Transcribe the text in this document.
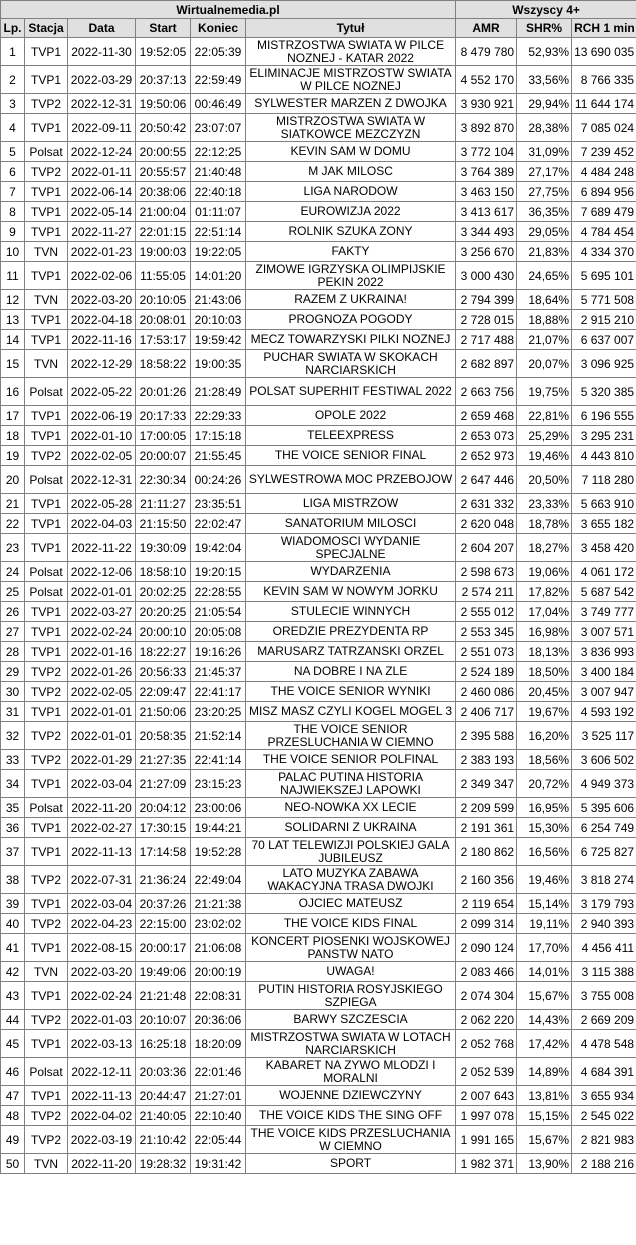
Wirtualnemedia.pl						Wszyscy 4+		
Lp.	Stacja	Data	Start	Koniec	Tytuł	AMR	SHR%	RCH 1 min
1	TVP1	2022-11-30	19:52:05	22:05:39	MISTRZOSTWA SWIATA W PILCE NOZNEJ - KATAR 2022	8 479 780	52,93%	13 690 035
2	TVP1	2022-03-29	20:37:13	22:59:49	ELIMINACJE MISTRZOSTW SWIATA W PILCE NOZNEJ	4 552 170	33,56%	8 766 335
3	TVP2	2022-12-31	19:50:06	00:46:49	SYLWESTER MARZEN Z DWOJKA	3 930 921	29,94%	11 644 174
4	TVP1	2022-09-11	20:50:42	23:07:07	MISTRZOSTWA SWIATA W SIATKOWCE MEZCZYZN	3 892 870	28,38%	7 085 024
5	Polsat	2022-12-24	20:00:55	22:12:25	KEVIN SAM W DOMU	3 772 104	31,09%	7 239 452
6	TVP2	2022-01-11	20:55:57	21:40:48	M JAK MILOSC	3 764 389	27,17%	4 484 248
7	TVP1	2022-06-14	20:38:06	22:40:18	LIGA NARODOW	3 463 150	27,75%	6 894 956
8	TVP1	2022-05-14	21:00:04	01:11:07	EUROWIZJA 2022	3 413 617	36,35%	7 689 479
9	TVP1	2022-11-27	22:01:15	22:51:14	ROLNIK SZUKA ZONY	3 344 493	29,05%	4 784 454
10	TVN	2022-01-23	19:00:03	19:22:05	FAKTY	3 256 670	21,83%	4 334 370
11	TVP1	2022-02-06	11:55:05	14:01:20	ZIMOWE IGRZYSKA OLIMPIJSKIE PEKIN 2022	3 000 430	24,65%	5 695 101
12	TVN	2022-03-20	20:10:05	21:43:06	RAZEM Z UKRAINA!	2 794 399	18,64%	5 771 508
13	TVP1	2022-04-18	20:08:01	20:10:03	PROGNOZA POGODY	2 728 015	18,88%	2 915 210
14	TVP1	2022-11-16	17:53:17	19:59:42	MECZ TOWARZYSKI PILKI NOZNEJ	2 717 488	21,07%	6 637 007
15	TVN	2022-12-29	18:58:22	19:00:35	PUCHAR SWIATA W SKOKACH NARCIARSKICH	2 682 897	20,07%	3 096 925
16	Polsat	2022-05-22	20:01:26	21:28:49	POLSAT SUPERHIT FESTIWAL 2022	2 663 756	19,75%	5 320 385
17	TVP1	2022-06-19	20:17:33	22:29:33	OPOLE 2022	2 659 468	22,81%	6 196 555
18	TVP1	2022-01-10	17:00:05	17:15:18	TELEEXPRESS	2 653 073	25,29%	3 295 231
19	TVP2	2022-02-05	20:00:07	21:55:45	THE VOICE SENIOR FINAL	2 652 973	19,46%	4 443 810
20	Polsat	2022-12-31	22:30:34	00:24:26	SYLWESTROWA MOC PRZEBOJOW	2 647 446	20,50%	7 118 280
21	TVP1	2022-05-28	21:11:27	23:35:51	LIGA MISTRZOW	2 631 332	23,33%	5 663 910
22	TVP1	2022-04-03	21:15:50	22:02:47	SANATORIUM MILOSCI	2 620 048	18,78%	3 655 182
23	TVP1	2022-11-22	19:30:09	19:42:04	WIADOMOSCI WYDANIE SPECJALNE	2 604 207	18,27%	3 458 420
24	Polsat	2022-12-06	18:58:10	19:20:15	WYDARZENIA	2 598 673	19,06%	4 061 172
25	Polsat	2022-01-01	20:02:25	22:28:55	KEVIN SAM W NOWYM JORKU	2 574 211	17,82%	5 687 542
26	TVP1	2022-03-27	20:20:25	21:05:54	STULECIE WINNYCH	2 555 012	17,04%	3 749 777
27	TVP1	2022-02-24	20:00:10	20:05:08	OREDZIE PREZYDENTA RP	2 553 345	16,98%	3 007 571
28	TVP1	2022-01-16	18:22:27	19:16:26	MARUSARZ TATRZANSKI ORZEL	2 551 073	18,13%	3 836 993
29	TVP2	2022-01-26	20:56:33	21:45:37	NA DOBRE I NA ZLE	2 524 189	18,50%	3 400 184
30	TVP2	2022-02-05	22:09:47	22:41:17	THE VOICE SENIOR WYNIKI	2 460 086	20,45%	3 007 947
31	TVP1	2022-01-01	21:50:06	23:20:25	MISZ MASZ CZYLI KOGEL MOGEL 3	2 406 717	19,67%	4 593 192
32	TVP2	2022-01-01	20:58:35	21:52:14	THE VOICE SENIOR PRZESLUCHANIA W CIEMNO	2 395 588	16,20%	3 525 117
33	TVP2	2022-01-29	21:27:35	22:41:14	THE VOICE SENIOR POLFINAL	2 383 193	18,56%	3 606 502
34	TVP1	2022-03-04	21:27:09	23:15:23	PALAC PUTINA HISTORIA NAJWIEKSZEJ LAPOWKI	2 349 347	20,72%	4 949 373
35	Polsat	2022-11-20	20:04:12	23:00:06	NEO-NOWKA XX LECIE	2 209 599	16,95%	5 395 606
36	TVP1	2022-02-27	17:30:15	19:44:21	SOLIDARNI Z UKRAINA	2 191 361	15,30%	6 254 749
37	TVP1	2022-11-13	17:14:58	19:52:28	70 LAT TELEWIZJI POLSKIEJ GALA JUBILEUSZ	2 180 862	16,56%	6 725 827
38	TVP2	2022-07-31	21:36:24	22:49:04	LATO MUZYKA ZABAWA WAKACYJNA TRASA DWOJKI	2 160 356	19,46%	3 818 274
39	TVP1	2022-03-04	20:37:26	21:21:38	OJCIEC MATEUSZ	2 119 654	15,14%	3 179 793
40	TVP2	2022-04-23	22:15:00	23:02:02	THE VOICE KIDS FINAL	2 099 314	19,11%	2 940 393
41	TVP1	2022-08-15	20:00:17	21:06:08	KONCERT PIOSENKI WOJSKOWEJ PANSTW NATO	2 090 124	17,70%	4 456 411
42	TVN	2022-03-20	19:49:06	20:00:19	UWAGA!	2 083 466	14,01%	3 115 388
43	TVP1	2022-02-24	21:21:48	22:08:31	PUTIN HISTORIA ROSYJSKIEGO SZPIEGA	2 074 304	15,67%	3 755 008
44	TVP2	2022-01-03	20:10:07	20:36:06	BARWY SZCZESCIA	2 062 220	14,43%	2 669 209
45	TVP1	2022-03-13	16:25:18	18:20:09	MISTRZOSTWA SWIATA W LOTACH NARCIARSKICH	2 052 768	17,42%	4 478 548
46	Polsat	2022-12-11	20:03:36	22:01:46	KABARET NA ZYWO MLODZI I MORALNI	2 052 539	14,89%	4 684 391
47	TVP1	2022-11-13	20:44:47	21:27:01	WOJENNE DZIEWCZYNY	2 007 643	13,81%	3 655 934
48	TVP2	2022-04-02	21:40:05	22:10:40	THE VOICE KIDS THE SING OFF	1 997 078	15,15%	2 545 022
49	TVP2	2022-03-19	21:10:42	22:05:44	THE VOICE KIDS PRZESLUCHANIA W CIEMNO	1 991 165	15,67%	2 821 983
50	TVN	2022-11-20	19:28:32	19:31:42	SPORT	1 982 371	13,90%	2 188 216
